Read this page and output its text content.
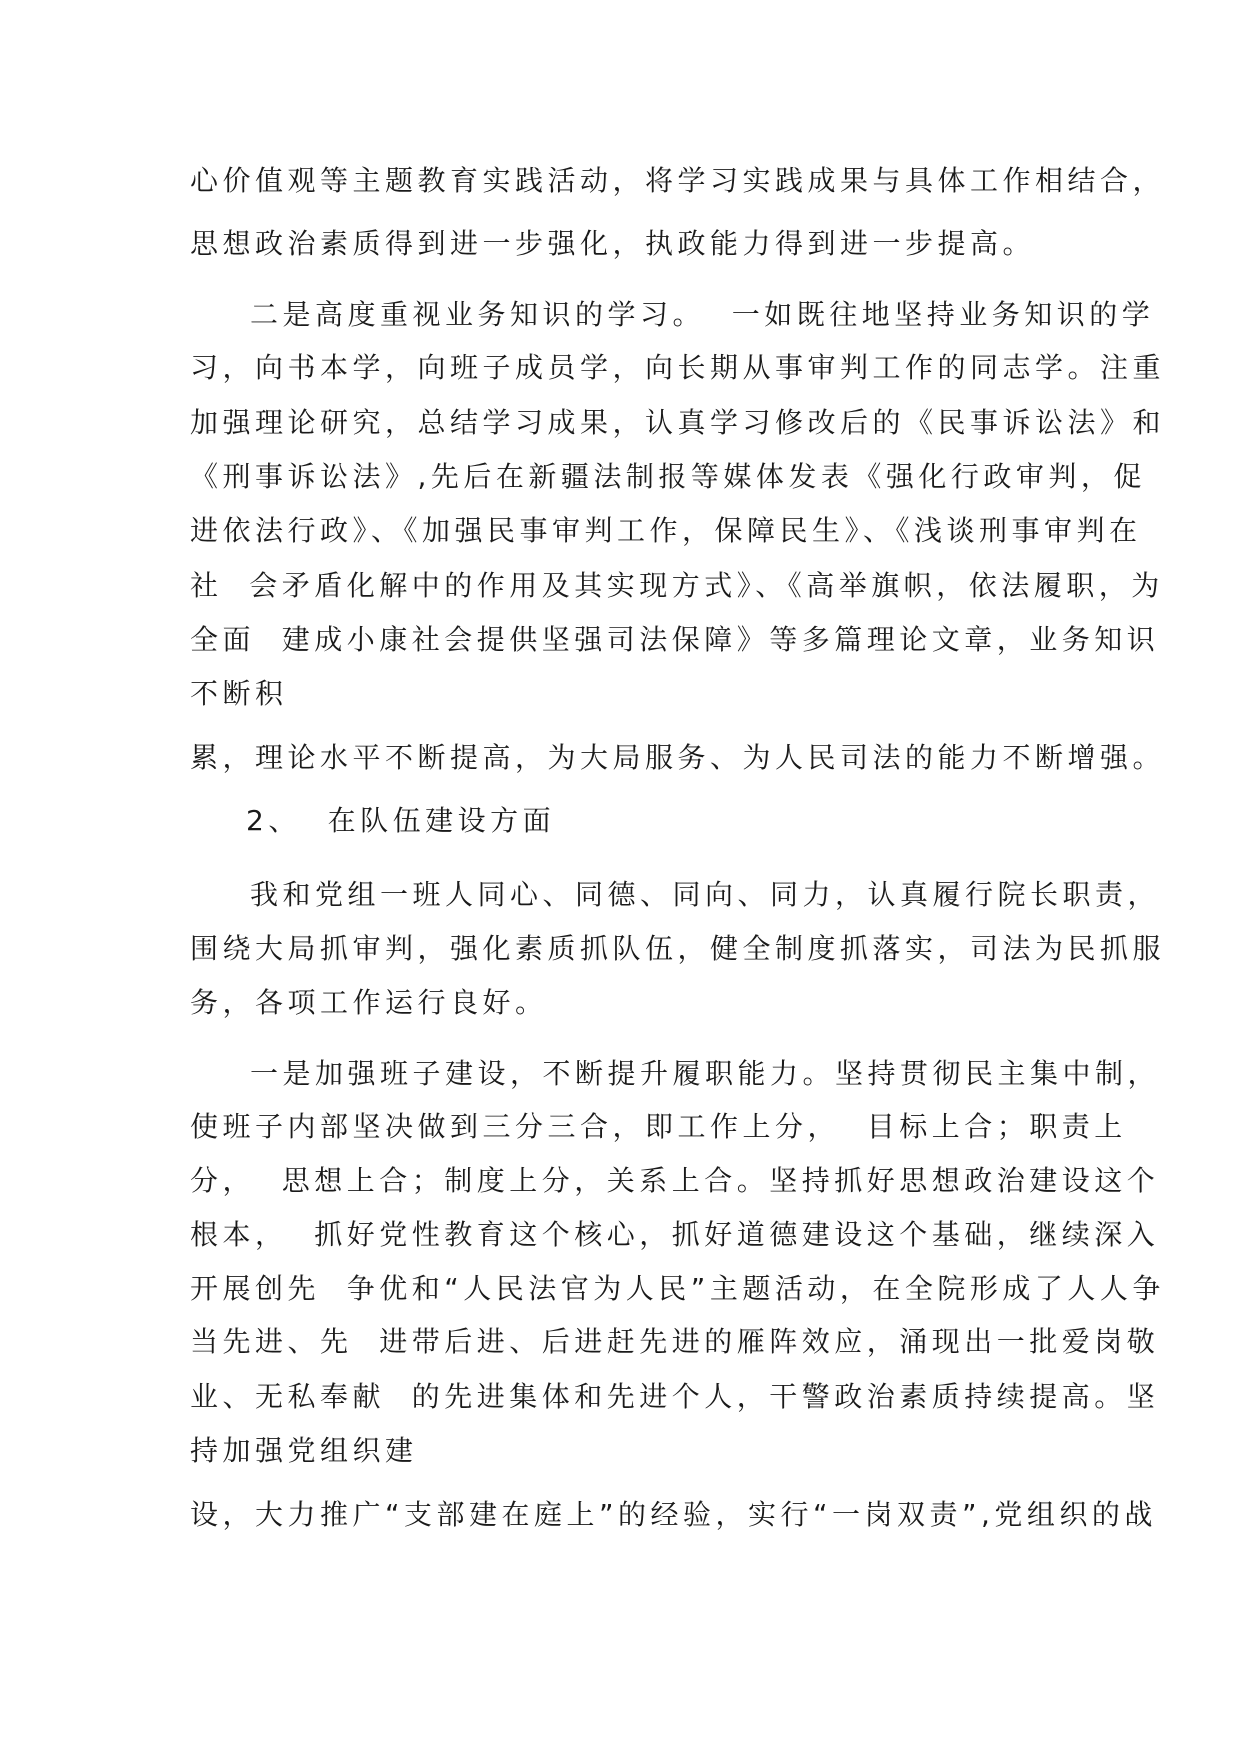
心价值观等主题教育实践活动，将学习实践成果与具体工作相结合，
思想政治素质得到进一步强化，执政能力得到进一步提高。
二是高度重视业务知识的学习。  一如既往地坚持业务知识的学
习，向书本学，向班子成员学，向长期从事审判工作的同志学。注重
加强理论研究，总结学习成果，认真学习修改后的《民事诉讼法》和
《刑事诉讼法》,先后在新疆法制报等媒体发表《强化行政审判，促
进依法行政》、《加强民事审判工作，保障民生》、《浅谈刑事审判在
社  会矛盾化解中的作用及其实现方式》、《高举旗帜，依法履职，为
全面  建成小康社会提供坚强司法保障》等多篇理论文章，业务知识
不断积
累，理论水平不断提高，为大局服务、为人民司法的能力不断增强。
2、  在队伍建设方面
我和党组一班人同心、同德、同向、同力，认真履行院长职责，
围绕大局抓审判，强化素质抓队伍，健全制度抓落实，司法为民抓服
务，各项工作运行良好。
一是加强班子建设，不断提升履职能力。坚持贯彻民主集中制，
使班子内部坚决做到三分三合，即工作上分，  目标上合；职责上
分，  思想上合；制度上分，关系上合。坚持抓好思想政治建设这个
根本，  抓好党性教育这个核心，抓好道德建设这个基础，继续深入
开展创先  争优和“人民法官为人民”主题活动，在全院形成了人人争
当先进、先  进带后进、后进赶先进的雁阵效应，涌现出一批爱岗敬
业、无私奉献  的先进集体和先进个人，干警政治素质持续提高。坚
持加强党组织建
设，大力推广“支部建在庭上”的经验，实行“一岗双责”,党组织的战
